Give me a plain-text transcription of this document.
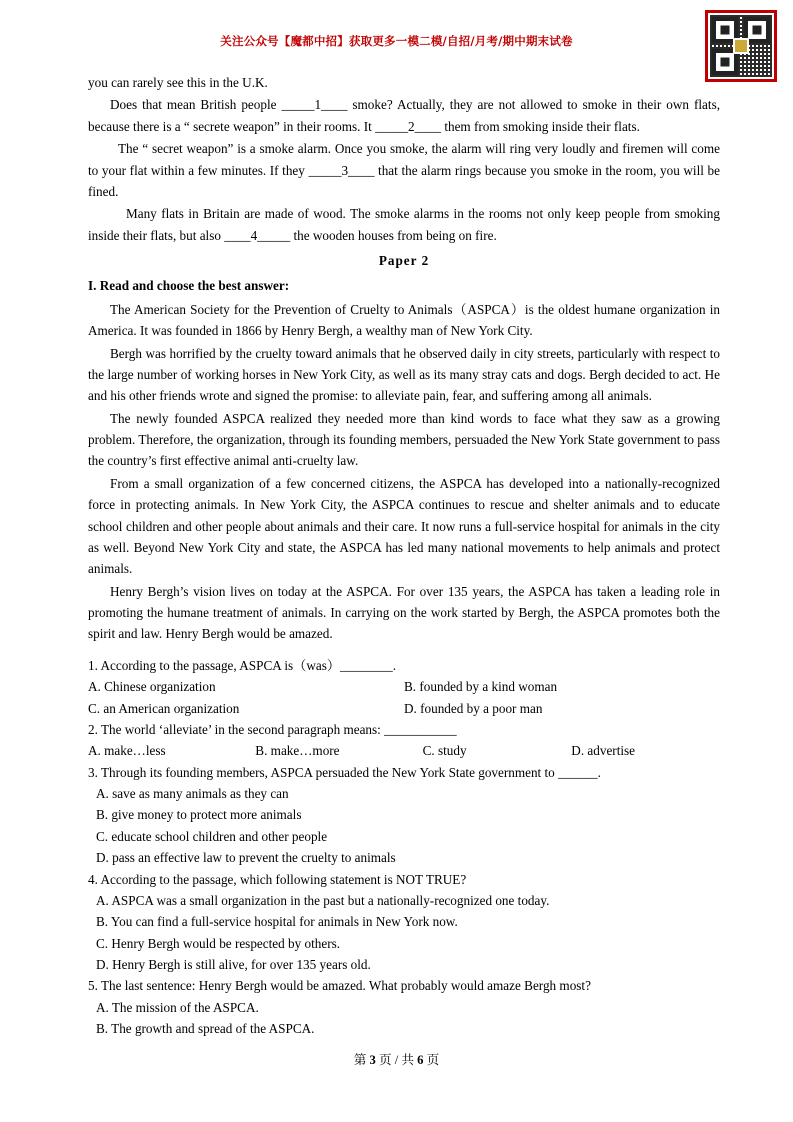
关注公众号【魔都中招】获取更多一模二模/自招/月考/期中期末试卷

you can rarely see this in the U.K.

Does that mean British people _____1____ smoke? Actually, they are not allowed to smoke in their own flats, because there is a “ secrete weapon” in their rooms. It _____2____ them from smoking inside their flats.

The “ secret weapon” is a smoke alarm. Once you smoke, the alarm will ring very loudly and firemen will come to your flat within a few minutes. If they _____3____ that the alarm rings because you smoke in the room, you will be fined.

Many flats in Britain are made of wood. The smoke alarms in the rooms not only keep people from smoking inside their flats, but also ____4_____ the wooden houses from being on fire.

Paper 2

I. Read and choose the best answer:

The American Society for the Prevention of Cruelty to Animals（ASPCA）is the oldest humane organization in America. It was founded in 1866 by Henry Bergh, a wealthy man of New York City.

Bergh was horrified by the cruelty toward animals that he observed daily in city streets, particularly with respect to the large number of working horses in New York City, as well as its many stray cats and dogs. Bergh decided to act. He and his other friends wrote and signed the promise: to alleviate pain, fear, and suffering among all animals.

The newly founded ASPCA realized they needed more than kind words to face what they saw as a growing problem. Therefore, the organization, through its founding members, persuaded the New York State government to pass the country’s first effective animal anti-cruelty law.

From a small organization of a few concerned citizens, the ASPCA has developed into a nationally-recognized force in protecting animals. In New York City, the ASPCA continues to rescue and shelter animals and to educate school children and other people about animals and their care. It now runs a full-service hospital for animals in the city as well. Beyond New York City and state, the ASPCA has led many national movements to help animals and protect animals.

Henry Bergh’s vision lives on today at the ASPCA. For over 135 years, the ASPCA has taken a leading role in promoting the humane treatment of animals. In carrying on the work started by Bergh, the ASPCA promotes both the spirit and law. Henry Bergh would be amazed.

1. According to the passage, ASPCA is（was）________.

A. Chinese organization	B. founded by a kind woman
C. an American organization	D. founded by a poor man

2. The world ‘alleviate’ in the second paragraph means: ___________

A. make…less	B. make…more	C. study	D. advertise

3. Through its founding members, ASPCA persuaded the New York State government to ______.

A. save as many animals as they can

B. give money to protect more animals

C. educate school children and other people

D. pass an effective law to prevent the cruelty to animals

4. According to the passage, which following statement is NOT TRUE?

A. ASPCA was a small organization in the past but a nationally-recognized one today.

B. You can find a full-service hospital for animals in New York now.

C. Henry Bergh would be respected by others.

D. Henry Bergh is still alive, for over 135 years old.

5. The last sentence: Henry Bergh would be amazed. What probably would amaze Bergh most?

A. The mission of the ASPCA.

B. The growth and spread of the ASPCA.

第 3 页 / 共 6 页
